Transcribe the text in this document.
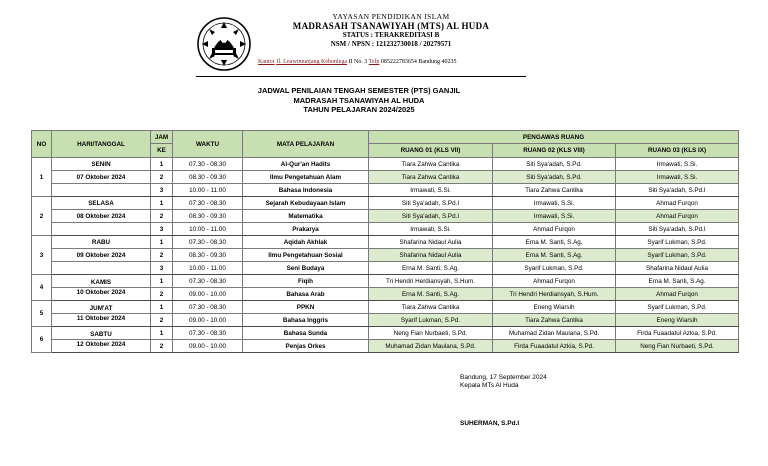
YAYASAN PENDIDIKAN ISLAM
MADRASAH TSANAWIYAH (MTS) AL HUDA
STATUS : TERAKREDITASI B
NSM / NPSN : 121232730018 / 20279571
Kantor Jl. Leuwimunjang Kebonlega II No. 3 Telp 085222783654 Bandung 40235
JADWAL PENILAIAN TENGAH SEMESTER (PTS) GANJIL
MADRASAH TSANAWIYAH AL HUDA
TAHUN PELAJARAN 2024/2025
NO	HARI/TANGGAL	JAM	WAKTU	MATA PELAJARAN	PENGAWAS RUANG		
		KE			RUANG 01 (KLS VII)	RUANG 02 (KLS VIII)	RUANG 03 (KLS IX)
1	SENIN	1	07.30 - 08.30	Al-Qur'an Hadits	Tiara Zahwa Cantika	Siti Sya'adah, S.Pd.	Irmawati, S.Si.
	07 Oktober 2024	2	08.30 - 09.30	Ilmu Pengetahuan Alam	Tiara Zahwa Cantika	Siti Sya'adah, S.Pd.	Irmawati, S.Si.
		3	10.00 - 11.00	Bahasa Indonesia	Irmawati, S.Si.	Tiara Zahwa Cantika	Siti Sya'adah, S.Pd.I
2	SELASA	1	07.30 - 08.30	Sejarah Kebudayaan Islam	Siti Sya'adah, S.Pd.I	Irmawati, S.Si.	Ahmad Furqon
	08 Oktober 2024	2	08.30 - 09.30	Matematika	Siti Sya'adah, S.Pd.I	Irmawati, S.Si.	Ahmad Furqon
		3	10.00 - 11.00	Prakarya	Irmawati, S.Si.	Ahmad Furqon	Siti Sya'adah, S.Pd.I
3	RABU	1	07.30 - 08.30	Aqidah Akhlak	Shafarina Nidaul Aulia	Erna M. Santi, S.Ag.	Syarif Lukman, S.Pd.
	09 Oktober 2024	2	08.30 - 09.30	Ilmu Pengetahuan Sosial	Shafarina Nidaul Aulia	Erna M. Santi, S.Ag.	Syarif Lukman, S.Pd.
		3	10.00 - 11.00	Seni Budaya	Erna M. Santi, S.Ag.	Syarif Lukman, S.Pd.	Shafarina Nidaul Aulia
4	KAMIS	1	07.30 - 08.30	Fiqih	Tri Hendri Herdiansyah, S.Hum.	Ahmad Furqon	Erna M. Santi, S.Ag.
	10 Oktober 2024	2	09.00 - 10.00	Bahasa Arab	Erna M. Santi, S.Ag.	Tri Hendri Herdiansyah, S.Hum.	Ahmad Furqon
5	JUM'AT	1	07.30 - 08.30	PPKN	Tiara Zahwa Cantika	Eneng Wiarsih	Syarif Lukman, S.Pd.
	11 Oktober 2024	2	09.00 - 10.00	Bahasa Inggris	Syarif Lukman, S.Pd.	Tiara Zahwa Cantika	Eneng Wiarsih
6	SABTU	1	07.30 - 08.30	Bahasa Sunda	Neng Fian Nurbaeti, S.Pd.	Muhamad Zidan Maulana, S.Pd.	Firda Fuaadatul Azkia, S.Pd.
	12 Oktober 2024	2	09.00 - 10.00	Penjas Orkes	Muhamad Zidan Maulana, S.Pd.	Firda Fuaadatul Azkia, S.Pd.	Neng Fian Nurbaeti, S.Pd.
Bandung, 17 September 2024
Kepala MTs Al Huda
SUHERMAN, S.Pd.I
